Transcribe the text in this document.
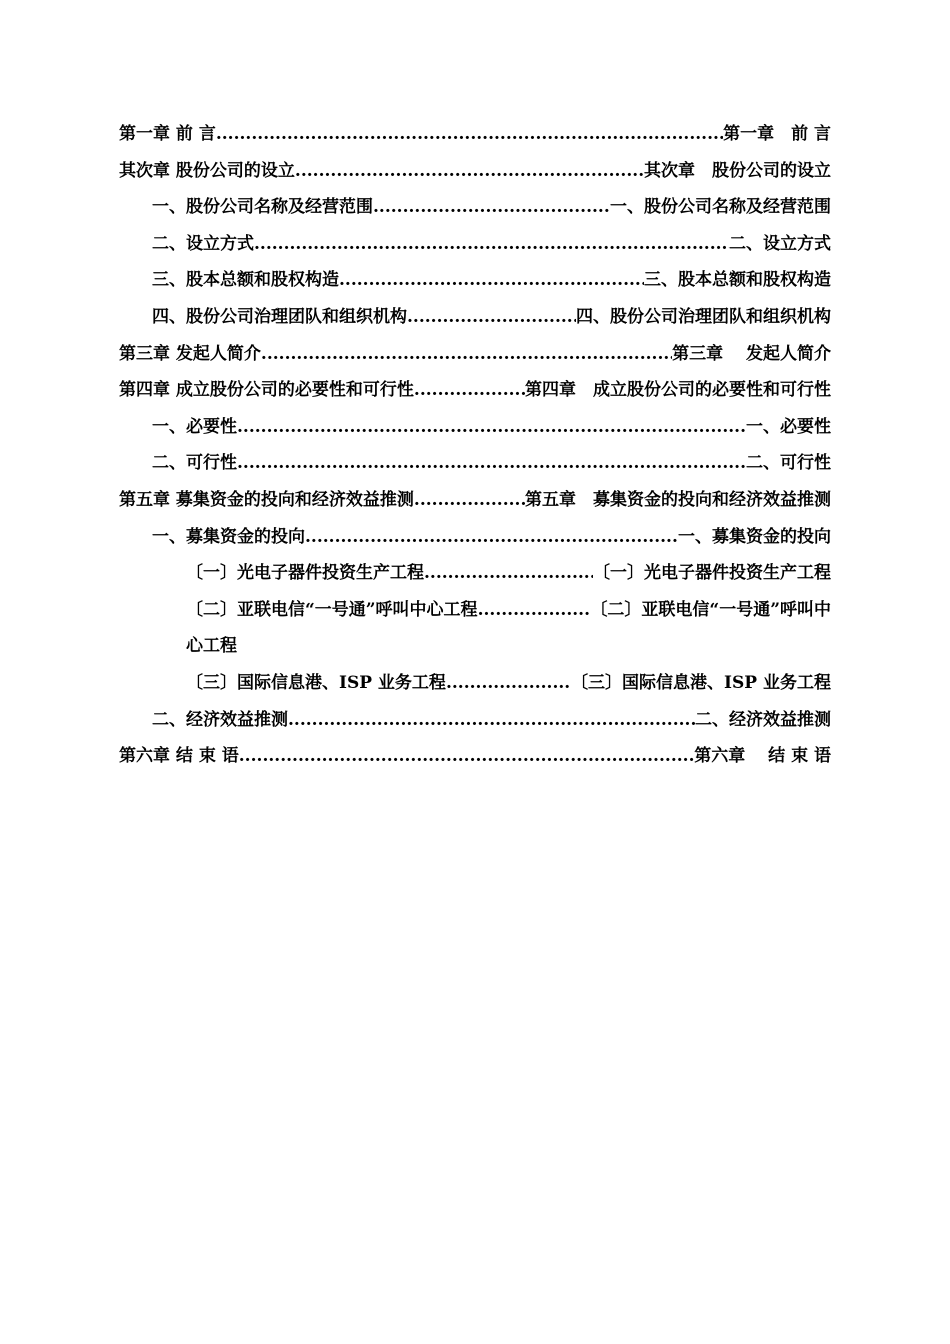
第一章 前 言 .....	第一章　前 言
其次章 股份公司的设立 .....	其次章　股份公司的设立
一、股份公司名称及经营范围 .....	一、股份公司名称及经营范围
二、设立方式 .....	二、设立方式
三、股本总额和股权构造 .....	三、股本总额和股权构造
四、股份公司治理团队和组织机构 .....	四、股份公司治理团队和组织机构
第三章 发起人简介 .....	第三章　 发起人简介
第四章 成立股份公司的必要性和可行性 .....	第四章　成立股份公司的必要性和可行性
一、必要性 .....	一、必要性
二、可行性 .....	二、可行性
第五章 募集资金的投向和经济效益推测 .....	第五章　募集资金的投向和经济效益推测
一、募集资金的投向 .....	一、募集资金的投向
〔一〕光电子器件投资生产工程 .....	〔一〕光电子器件投资生产工程
〔二〕亚联电信“一号通”呼叫中心工程 .....	〔二〕亚联电信“一号通”呼叫中
心工程
〔三〕国际信息港、ISP 业务工程 .....	〔三〕国际信息港、ISP 业务工程
二、经济效益推测 .....	二、经济效益推测
第六章 结 束 语 .....	第六章　 结 束 语
